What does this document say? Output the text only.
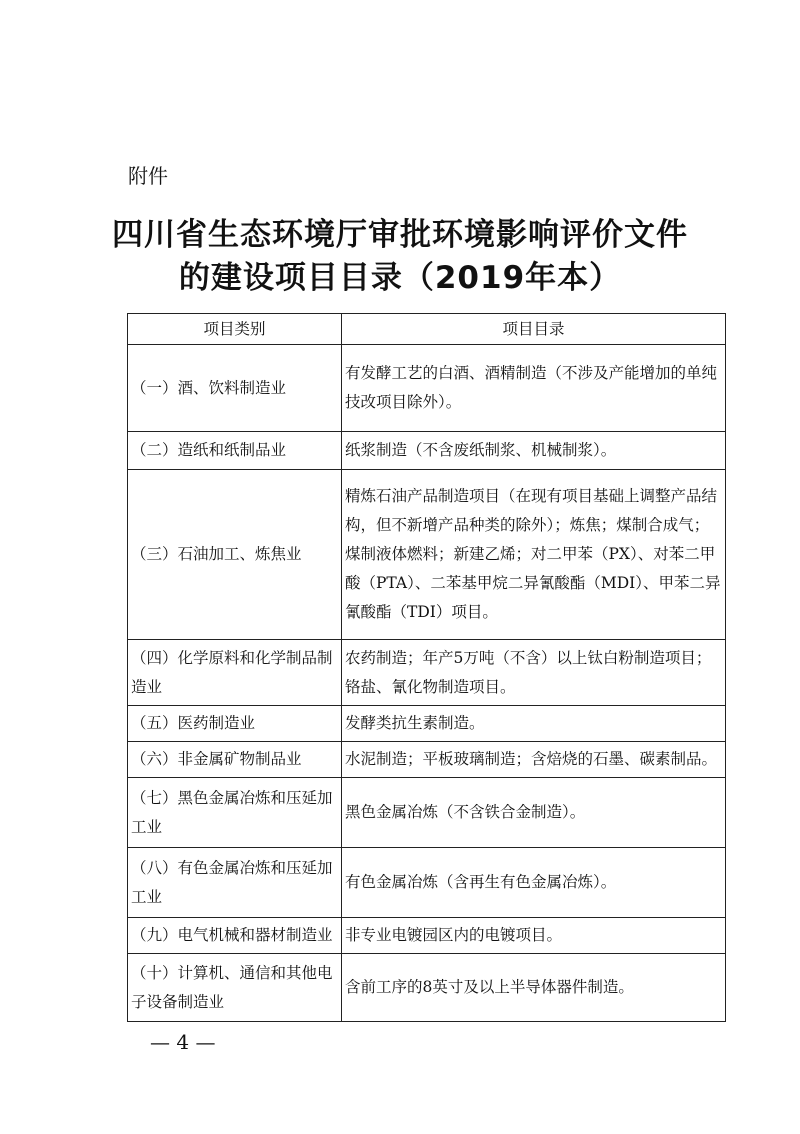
附件
四川省生态环境厅审批环境影响评价文件
的建设项目目录（2019年本）
项目类别	项目目录
（一）酒、饮料制造业	有发酵工艺的白酒、酒精制造（不涉及产能增加的单纯技改项目除外）。
（二）造纸和纸制品业	纸浆制造（不含废纸制浆、机械制浆）。
（三）石油加工、炼焦业	精炼石油产品制造项目（在现有项目基础上调整产品结构，但不新增产品种类的除外）；炼焦；煤制合成气；煤制液体燃料；新建乙烯；对二甲苯（PX）、对苯二甲酸（PTA）、二苯基甲烷二异氰酸酯（MDI）、甲苯二异氰酸酯（TDI）项目。
（四）化学原料和化学制品制造业	农药制造；年产5万吨（不含）以上钛白粉制造项目；铬盐、氰化物制造项目。
（五）医药制造业	发酵类抗生素制造。
（六）非金属矿物制品业	水泥制造；平板玻璃制造；含焙烧的石墨、碳素制品。
（七）黑色金属冶炼和压延加工业	黑色金属冶炼（不含铁合金制造）。
（八）有色金属冶炼和压延加工业	有色金属冶炼（含再生有色金属冶炼）。
（九）电气机械和器材制造业	非专业电镀园区内的电镀项目。
（十）计算机、通信和其他电子设备制造业	含前工序的8英寸及以上半导体器件制造。
— 4 —
